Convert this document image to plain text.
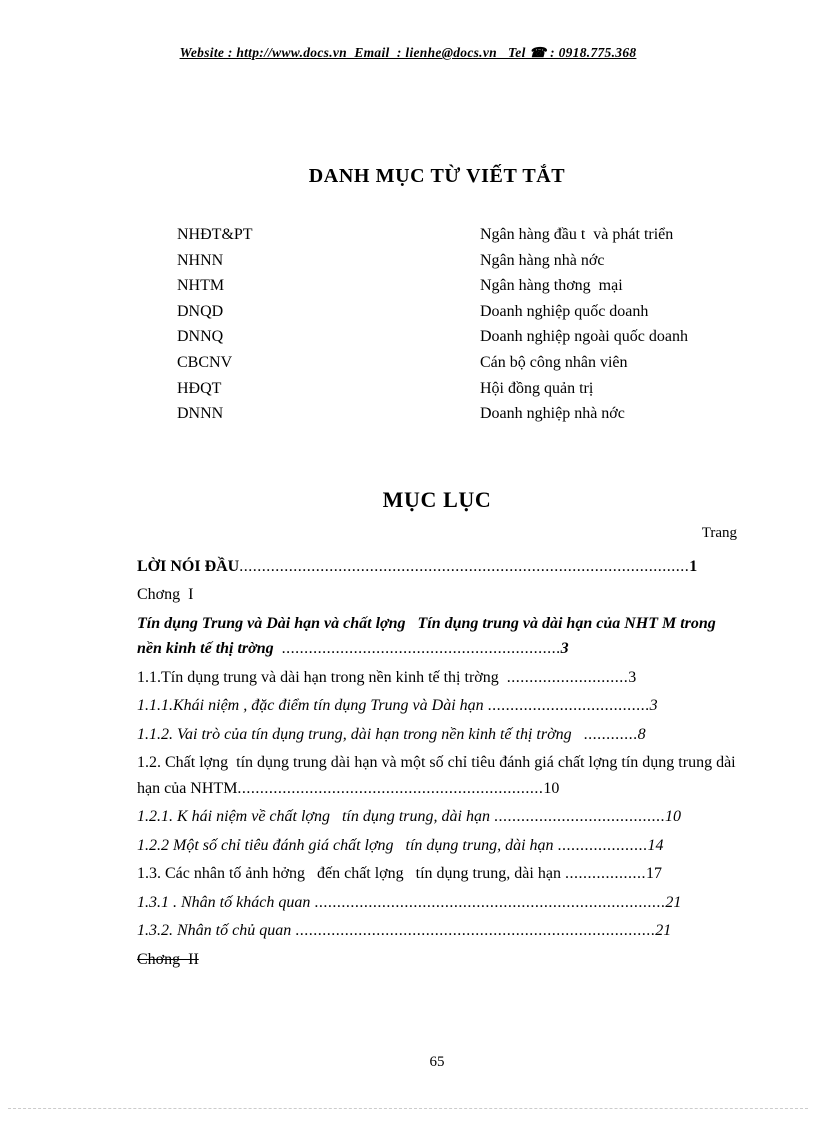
Website : http://www.docs.vn  Email  : lienhe@docs.vn   Tel ☎ : 0918.775.368
DANH MỤC TỪ VIẾT TẮT
NHĐT&PT	Ngân hàng đầu t  và phát triển
NHNN	Ngân hàng nhà nớc
NHTM	Ngân hàng thơng  mại
DNQD	Doanh nghiệp quốc doanh
DNNQ	Doanh nghiệp ngoài quốc doanh
CBCNV	Cán bộ công nhân viên
HĐQT	Hội đồng quản trị
DNNN	Doanh nghiệp nhà nớc
MỤC LỤC
Trang

LỜI NÓI ĐẦU....................................................................................................1

Chơng  I

Tín dụng Trung và Dài hạn và chất lợng   Tín dụng trung và dài hạn của NHT M trong nền kinh tế thị trờng  ..............................................................3

1.1.Tín dụng trung và dài hạn trong nền kinh tế thị trờng  ...........................3

1.1.1.Khái niệm , đặc điểm tín dụng Trung và Dài hạn ....................................3

1.1.2. Vai trò của tín dụng trung, dài hạn trong nền kinh tế thị trờng   ............8

1.2. Chất lợng  tín dụng trung dài hạn và một số chỉ tiêu đánh giá chất lợng tín dụng trung dài hạn của NHTM....................................................................10

1.2.1. K hái niệm về chất lợng   tín dụng trung, dài hạn ......................................10

1.2.2 Một số chỉ tiêu đánh giá chất lợng   tín dụng trung, dài hạn ....................14

1.3. Các nhân tố ảnh hởng   đến chất lợng   tín dụng trung, dài hạn ..................17

1.3.1 . Nhân tố khách quan ..............................................................................21

1.3.2. Nhân tố chủ quan ................................................................................21

Chơng  II

65
